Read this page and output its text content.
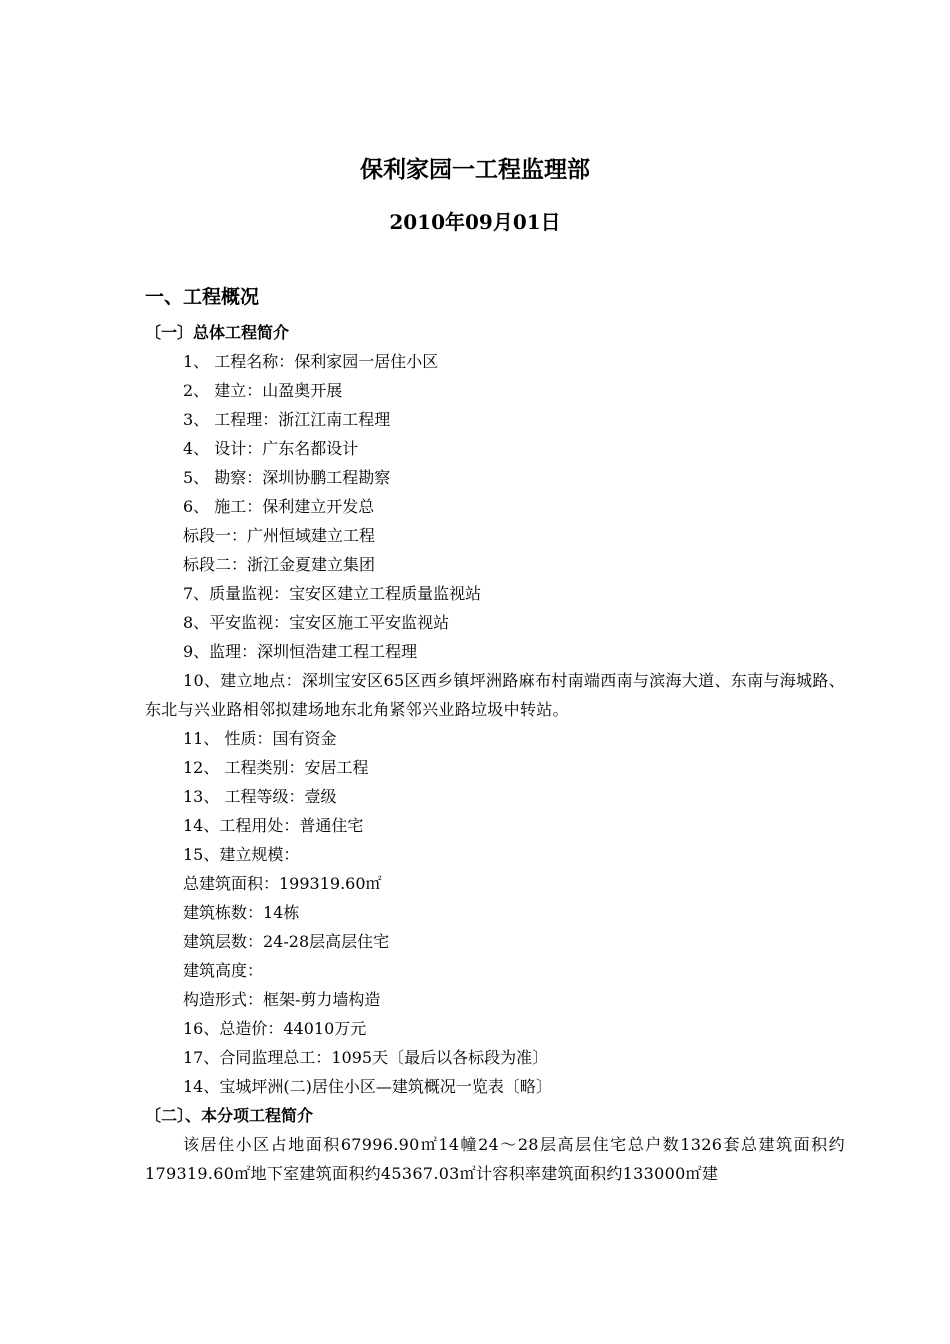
保利家园一工程监理部
2010年09月01日
一、工程概况
〔一〕总体工程简介
1、 工程名称：保利家园一居住小区
2、 建立：山盈奥开展
3、 工程理：浙江江南工程理
4、 设计：广东名都设计
5、 勘察：深圳协鹏工程勘察
6、 施工：保利建立开发总
标段一：广州恒域建立工程
标段二：浙江金夏建立集团
7、质量监视：宝安区建立工程质量监视站
8、平安监视：宝安区施工平安监视站
9、监理：深圳恒浩建工程工程理

10、建立地点：深圳宝安区65区西乡镇坪洲路麻布村南端西南与滨海大道、东南与海城路、东北与兴业路相邻拟建场地东北角紧邻兴业路垃圾中转站。

11、 性质：国有资金
12、 工程类别：安居工程
13、 工程等级：壹级
14、工程用处：普通住宅
15、建立规模：
总建筑面积：199319.60㎡
建筑栋数：14栋
建筑层数：24-28层高层住宅
建筑高度：
构造形式：框架-剪力墙构造
16、总造价：44010万元
17、合同监理总工：1095天〔最后以各标段为准〕
14、宝城坪洲(二)居住小区—建筑概况一览表〔略〕
〔二〕、本分项工程简介

该居住小区占地面积67996.90㎡14幢24～28层高层住宅总户数1326套总建筑面积约179319.60㎡地下室建筑面积约45367.03㎡计容积率建筑面积约133000㎡建
